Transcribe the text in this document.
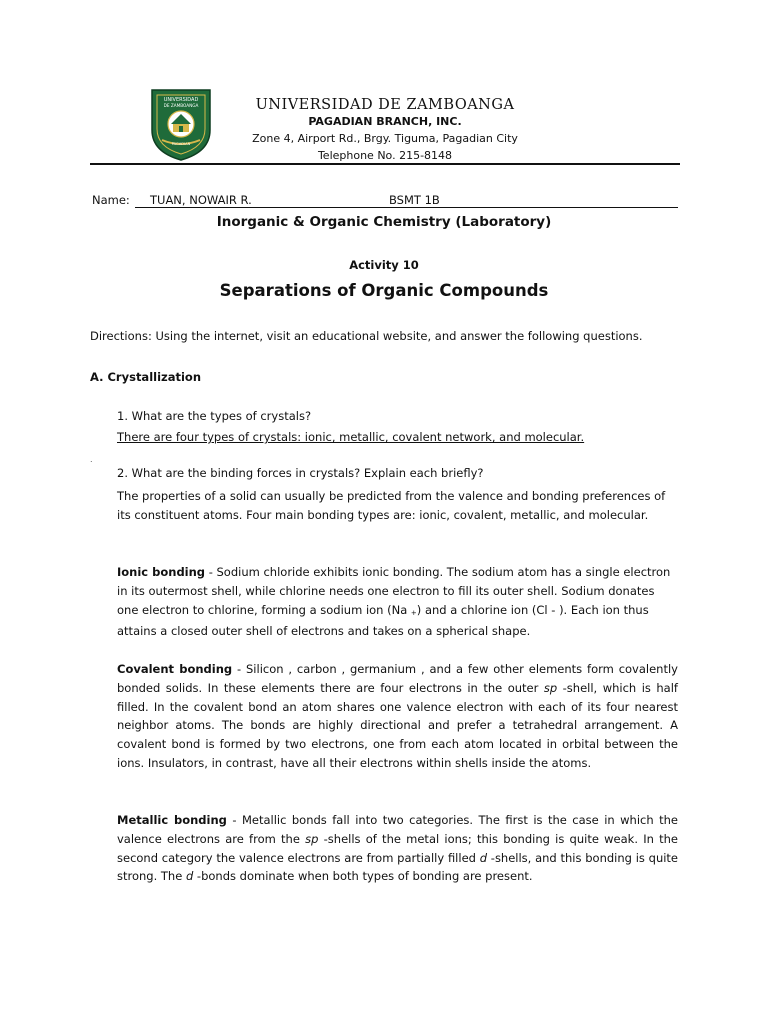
UNIVERSIDAD
DE ZAMBOANGA
PAGADIAN
UNIVERSIDAD DE ZAMBOANGA
PAGADIAN BRANCH, INC.
Zone 4, Airport Rd., Brgy. Tiguma, Pagadian City
Telephone No. 215-8148
Name: TUAN, NOWAIR R.	BSMT 1B
Inorganic & Organic Chemistry (Laboratory)
Activity 10
Separations of Organic Compounds
Directions: Using the internet, visit an educational website, and answer the following questions.
A. Crystallization
1. What are the types of crystals?
There are four types of crystals: ionic, metallic, covalent network, and molecular.
.
2. What are the binding forces in crystals? Explain each briefly?
The properties of a solid can usually be predicted from the valence and bonding preferences of its constituent atoms. Four main bonding types are: ionic, covalent, metallic, and molecular.
Ionic bonding - Sodium chloride exhibits ionic bonding. The sodium atom has a single electron in its outermost shell, while chlorine needs one electron to fill its outer shell. Sodium donates one electron to chlorine, forming a sodium ion (Na +) and a chlorine ion (Cl - ). Each ion thus attains a closed outer shell of electrons and takes on a spherical shape.
Covalent bonding - Silicon , carbon , germanium , and a few other elements form covalently bonded solids. In these elements there are four electrons in the outer sp -shell, which is half filled. In the covalent bond an atom shares one valence electron with each of its four nearest neighbor atoms. The bonds are highly directional and prefer a tetrahedral arrangement. A covalent bond is formed by two electrons, one from each atom located in orbital between the ions. Insulators, in contrast, have all their electrons within shells inside the atoms.
Metallic bonding - Metallic bonds fall into two categories. The first is the case in which the valence electrons are from the sp -shells of the metal ions; this bonding is quite weak. In the second category the valence electrons are from partially filled d -shells, and this bonding is quite strong. The d -bonds dominate when both types of bonding are present.
